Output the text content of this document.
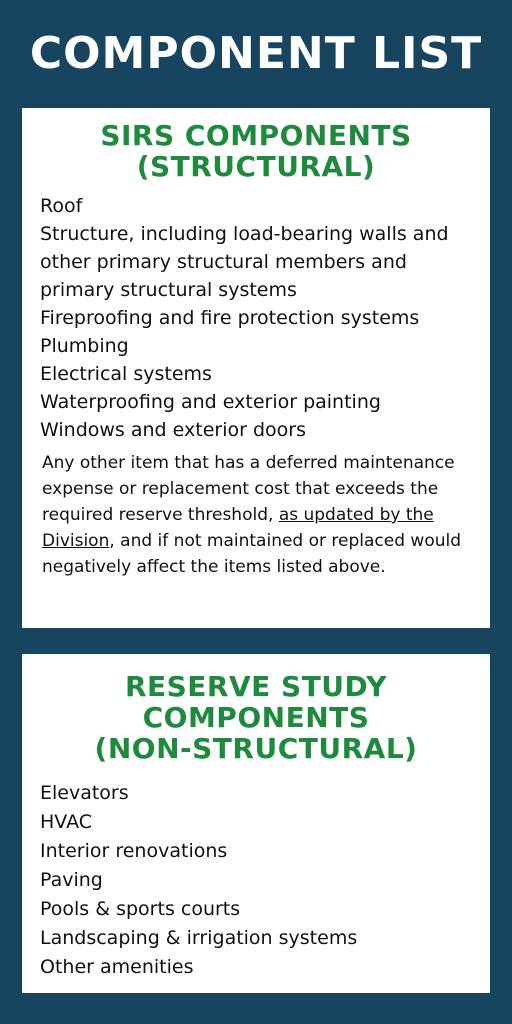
COMPONENT LIST
SIRS COMPONENTS
(STRUCTURAL)
Roof
Structure, including load-bearing walls and other primary structural members and primary structural systems
Fireproofing and fire protection systems
Plumbing
Electrical systems
Waterproofing and exterior painting
Windows and exterior doors

Any other item that has a deferred maintenance expense or replacement cost that exceeds the required reserve threshold, as updated by the Division, and if not maintained or replaced would negatively affect the items listed above.

RESERVE STUDY
COMPONENTS
(NON-STRUCTURAL)
Elevators
HVAC
Interior renovations
Paving
Pools & sports courts
Landscaping & irrigation systems
Other amenities
